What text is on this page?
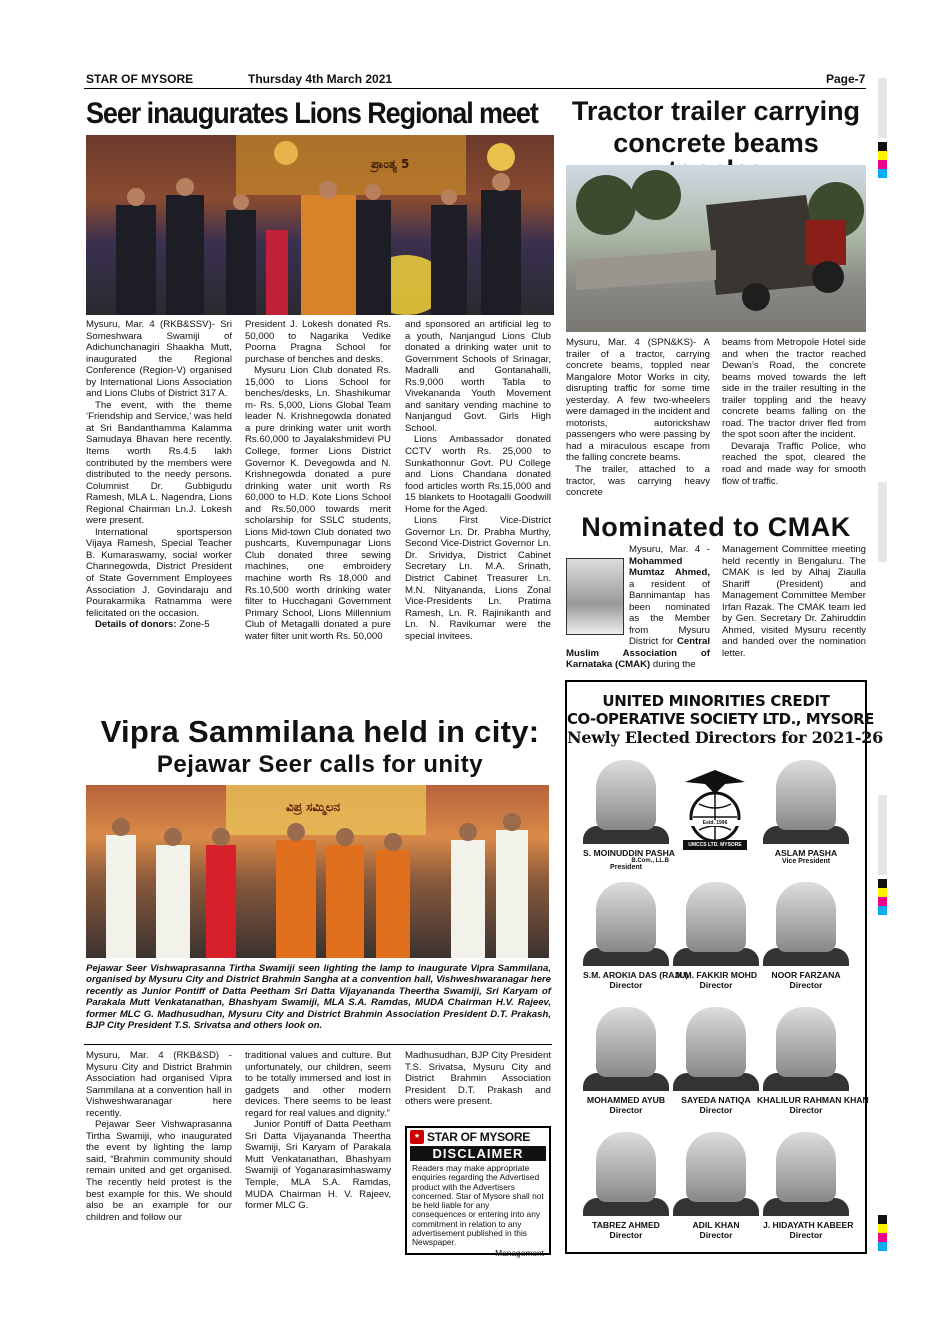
STAR OF MYSORE	Thursday 4th March 2021	Page-7
Seer inaugurates Lions Regional meet
ಪ್ರಾಂತ್ಯ 5

Mysuru, Mar. 4 (RKB&SSV)- Sri Someshwara Swamiji of Adichunchanagiri Shaakha Mutt, inaugurated the Regional Conference (Region-V) organised by International Lions Association and Lions Clubs of District 317 A.

The event, with the theme ‘Friendship and Service,’ was held at Sri Bandanthamma Kalamma Samudaya Bhavan here recently. Items worth Rs.4.5 lakh contributed by the members were distributed to the needy persons. Columnist Dr. Gubbigudu Ramesh, MLA L. Nagendra, Lions Regional Chairman Ln.J. Lokesh were present.

International sportsperson Vijaya Ramesh, Special Teacher B. Kumaraswamy, social worker Channegowda, District President of State Government Employees Association J. Govindaraju and Pourakarmika Ratnamma were felicitated on the occasion.

Details of donors: Zone-5

President J. Lokesh donated Rs. 50,000 to Nagarika Vedike Poorna Pragna School for purchase of benches and desks.

Mysuru Lion Club donated Rs. 15,000 to Lions School for benches/desks, Ln. Shashikumar m- Rs. 5,000, Lions Global Team leader N. Krishnegowda donated a pure drinking water unit worth Rs.60,000 to Jayalakshmidevi PU College, former Lions District Governor K. Devegowda and N. Krishnegowda donated a pure drinking water unit worth Rs 60,000 to H.D. Kote Lions School and Rs.50,000 towards merit scholarship for SSLC students, Lions Mid-town Club donated two pushcarts, Kuvempunagar Lions Club donated three sewing machines, one embroidery machine worth Rs 18,000 and Rs.10,500 worth drinking water filter to Hucchagani Government Primary School, Lions Millennium Club of Metagalli donated a pure water filter unit worth Rs. 50,000

and sponsored an artificial leg to a youth, Nanjangud Lions Club donated a drinking water unit to Government Schools of Srinagar, Madralli and Gontanahalli, Rs.9,000 worth Tabla to Vivekananda Youth Movement and sanitary vending machine to Nanjangud Govt. Girls High School.

Lions Ambassador donated CCTV worth Rs. 25,000 to Sunkathonnur Govt. PU College and Lions Chandana donated food articles worth Rs.15,000 and 15 blankets to Hootagalli Goodwill Home for the Aged.

Lions First Vice-District Governor Ln. Dr. Prabha Murthy, Second Vice-District Governor Ln. Dr. Srividya, District Cabinet Secretary Ln. M.A. Srinath, District Cabinet Treasurer Ln. M.N. Nityananda, Lions Zonal Vice-Presidents Ln. Pratima Ramesh, Ln. R. Rajinikanth and Ln. N. Ravikumar were the special invitees.

Tractor trailer carrying
concrete beams

Mysuru, Mar. 4 (SPN&KS)- A trailer of a tractor, carrying concrete beams, toppled near Mangalore Motor Works in city, disrupting traffic for some time yesterday. A few two-wheelers were damaged in the incident and motorists, autorickshaw passengers who were passing by had a miraculous escape from the falling concrete beams.

The trailer, attached to a tractor, was carrying heavy concrete

beams from Metropole Hotel side and when the tractor reached Dewan’s Road, the concrete beams moved towards the left side in the trailer resulting in the trailer toppling and the heavy concrete beams falling on the road. The tractor driver fled from the spot soon after the incident.

Devaraja Traffic Police, who reached the spot, cleared the road and made way for smooth flow of traffic.

Nominated to CMAK

Mysuru, Mar. 4 - Mohammed Mumtaz Ahmed, a resident of Bannimantap has been nominated as the Member from Mysuru District for Central Muslim Association of Karnataka (CMAK) during the

Management Committee meeting held recently in Bengaluru. The CMAK is led by Alhaj Ziaulla Shariff (President) and Management Committee Member Irfan Razak. The CMAK team led by Gen. Secretary Dr. Zahiruddin Ahmed, visited Mysuru recently and handed over the nomination letter.

Vipra Sammilana held in city:
Pejawar Seer calls for unity
ವಿಪ್ರ ಸಮ್ಮಿಲನ
Pejawar Seer Vishwaprasanna Tirtha Swamiji seen lighting the lamp to inaugurate Vipra Sammilana, organised by Mysuru City and District Brahmin Sangha at a convention hall, Vishweshwaranagar here recently as Junior Pontiff of Datta Peetham Sri Datta Vijayananda Theertha Swamiji, Sri Karyam of Parakala Mutt Venkatanathan, Bhashyam Swamiji, MLA S.A. Ramdas, MUDA Chairman H.V. Rajeev, former MLC G. Madhusudhan, Mysuru City and District Brahmin Association President D.T. Prakash, BJP City President T.S. Srivatsa and others look on.

Mysuru, Mar. 4 (RKB&SD) - Mysuru City and District Brahmin Association had organised Vipra Sammilana at a convention hall in Vishweshwaranagar here recently.

Pejawar Seer Vishwaprasanna Tirtha Swamiji, who inaugurated the event by lighting the lamp said, “Brahmin community should remain united and get organised. The recently held protest is the best example for this. We should also be an example for our children and follow our

traditional values and culture. But unfortunately, our children, seem to be totally immersed and lost in gadgets and other modern devices. There seems to be least regard for real values and dignity.”

Junior Pontiff of Datta Peetham Sri Datta Vijayananda Theertha Swamiji, Sri Karyam of Parakala Mutt Venkatanathan, Bhashyam Swamiji of Yoganarasimhaswamy Temple, MLA S.A. Ramdas, MUDA Chairman H. V. Rajeev, former MLC G.

Madhusudhan, BJP City President T.S. Srivatsa, Mysuru City and District Brahmin Association President D.T. Prakash and others were present.

★ STAR OF MYSORE
DISCLAIMER
Readers may make appropriate enquiries regarding the Advertised product with the Advertisers concerned. Star of Mysore shall not be held liable for any consequences or entering into any commitment in relation to any advertisement published in this Newspaper.
— Management
UNITED MINORITIES CREDIT
CO-OPERATIVE SOCIETY LTD., MYSORE
Newly Elected Directors for 2021-26
S. MOINUDDIN PASHA
B.Com., LL.B
President
Estd. 1996
UMCCS LTD. MYSORE
ASLAM PASHA
Vice President
S.M. AROKIA DAS (RAJU)
Director
M.M. FAKKIR MOHD
Director
NOOR FARZANA
Director
MOHAMMED AYUB
Director
SAYEDA NATIQA
Director
KHALILUR RAHMAN KHAN
Director
TABREZ AHMED
Director
ADIL KHAN
Director
J. HIDAYATH KABEER
Director
